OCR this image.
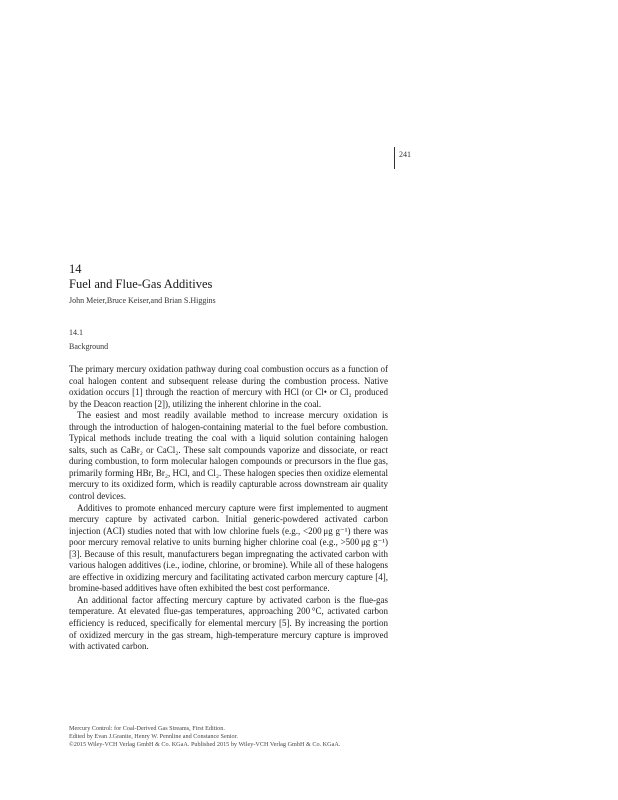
241
14
Fuel and Flue-Gas Additives
John Meier,Bruce Keiser,and Brian S.Higgins
14.1
Background

The primary mercury oxidation pathway during coal combustion occurs as a function of coal halogen content and subsequent release during the combustion process. Native oxidation occurs [1] through the reaction of mercury with HCl (or Cl• or Cl₂ produced by the Deacon reaction [2]), utilizing the inherent chlorine in the coal.

The easiest and most readily available method to increase mercury oxidation is through the introduction of halogen-containing material to the fuel before combustion. Typical methods include treating the coal with a liquid solution containing halogen salts, such as CaBr₂ or CaCl₂. These salt compounds vaporize and dissociate, or react during combustion, to form molecular halogen compounds or precursors in the flue gas, primarily forming HBr, Br₂, HCl, and Cl₂. These halogen species then oxidize elemental mercury to its oxidized form, which is readily capturable across downstream air quality control devices.

Additives to promote enhanced mercury capture were first implemented to augment mercury capture by activated carbon. Initial generic-powdered activated carbon injection (ACI) studies noted that with low chlorine fuels (e.g., <200 μg g⁻¹) there was poor mercury removal relative to units burning higher chlorine coal (e.g., >500 μg g⁻¹) [3]. Because of this result, manufacturers began impregnating the activated carbon with various halogen additives (i.e., iodine, chlorine, or bromine). While all of these halogens are effective in oxidizing mercury and facilitating activated carbon mercury capture [4], bromine-based additives have often exhibited the best cost performance.

An additional factor affecting mercury capture by activated carbon is the flue-gas temperature. At elevated flue-gas temperatures, approaching 200 °C, activated carbon efficiency is reduced, specifically for elemental mercury [5]. By increasing the portion of oxidized mercury in the gas stream, high-temperature mercury capture is improved with activated carbon.

Mercury Control: for Coal-Derived Gas Streams, First Edition.
Edited by Evan J.Granite, Henry W. Pennline and Constance Senior.
©2015 Wiley-VCH Verlag GmbH & Co. KGaA. Published 2015 by Wiley-VCH Verlag GmbH & Co. KGaA.
